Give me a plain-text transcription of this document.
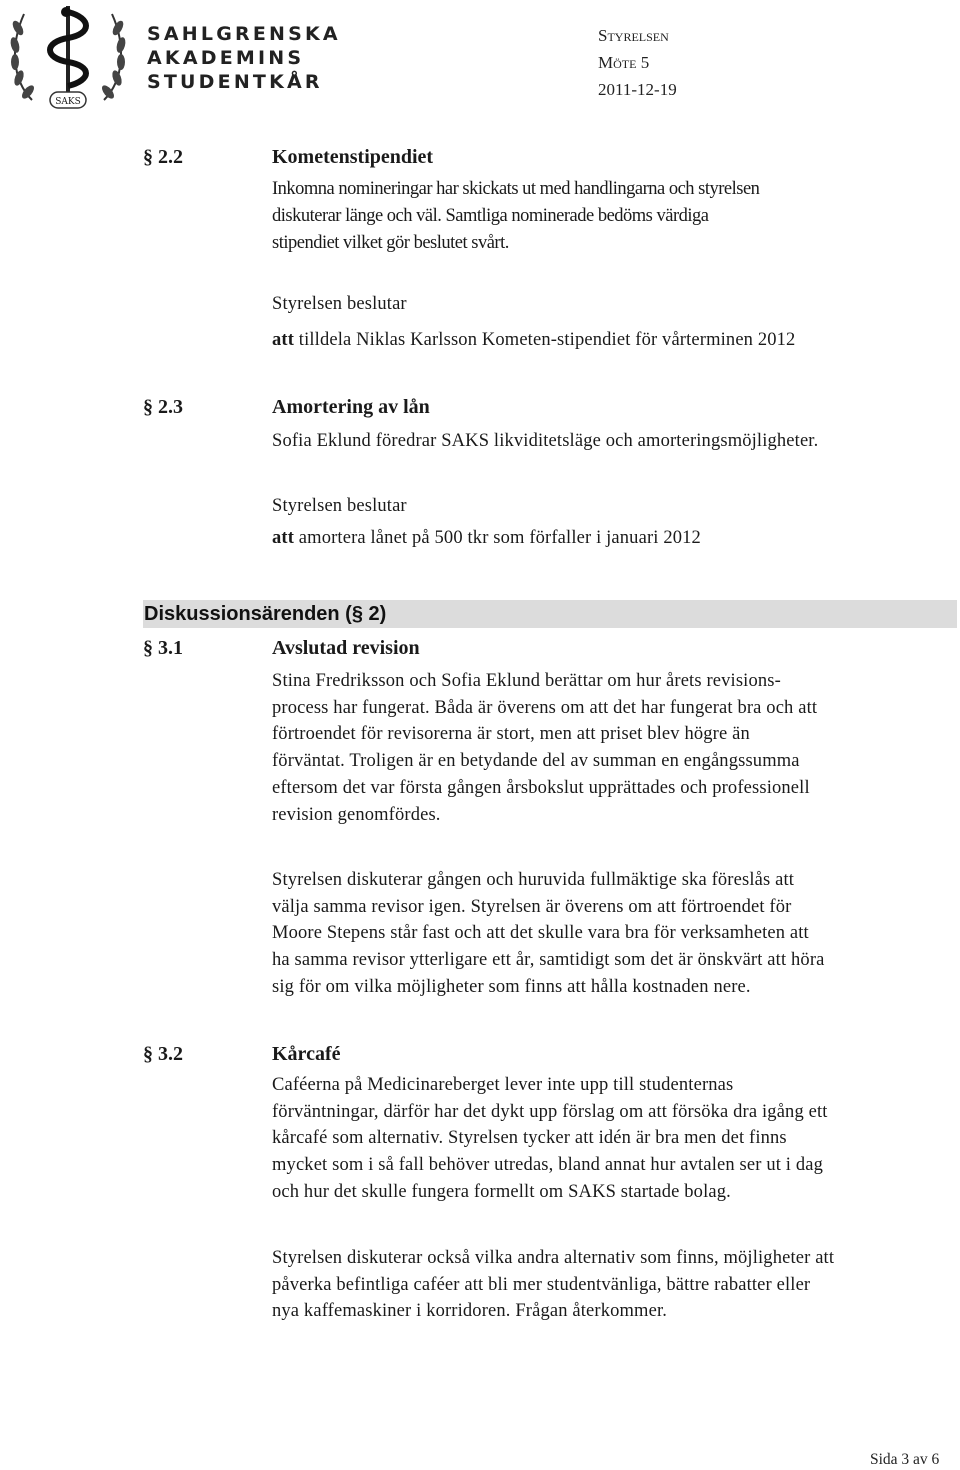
SAKS
SAHLGRENSKA
AKADEMINS
STUDENTKÅR
Styrelsen
Möte 5
2011-12-19
§ 2.2	Kometenstipendiet
Inkomna nomineringar har skickats ut med handlingarna och styrelsen
diskuterar länge och väl. Samtliga nominerade bedöms värdiga
stipendiet vilket gör beslutet svårt.
Styrelsen beslutar
att tilldela Niklas Karlsson Kometen-stipendiet för vårterminen 2012
§ 2.3	Amortering av lån
Sofia Eklund föredrar SAKS likviditetsläge och amorteringsmöjligheter.
Styrelsen beslutar
att amortera lånet på 500 tkr som förfaller i januari 2012
Diskussionsärenden (§ 2)
§ 3.1	Avslutad revision
Stina Fredriksson och Sofia Eklund berättar om hur årets revisions-
process har fungerat. Båda är överens om att det har fungerat bra och att
förtroendet för revisorerna är stort, men att priset blev högre än
förväntat. Troligen är en betydande del av summan en engångssumma
eftersom det var första gången årsbokslut upprättades och professionell
revision genomfördes.
Styrelsen diskuterar gången och huruvida fullmäktige ska föreslås att
välja samma revisor igen. Styrelsen är överens om att förtroendet för
Moore Stepens står fast och att det skulle vara bra för verksamheten att
ha samma revisor ytterligare ett år, samtidigt som det är önskvärt att höra
sig för om vilka möjligheter som finns att hålla kostnaden nere.
§ 3.2	Kårcafé
Caféerna på Medicinareberget lever inte upp till studenternas
förväntningar, därför har det dykt upp förslag om att försöka dra igång ett
kårcafé som alternativ. Styrelsen tycker att idén är bra men det finns
mycket som i så fall behöver utredas, bland annat hur avtalen ser ut i dag
och hur det skulle fungera formellt om SAKS startade bolag.
Styrelsen diskuterar också vilka andra alternativ som finns, möjligheter att
påverka befintliga caféer att bli mer studentvänliga, bättre rabatter eller
nya kaffemaskiner i korridoren. Frågan återkommer.
Sida 3 av 6
